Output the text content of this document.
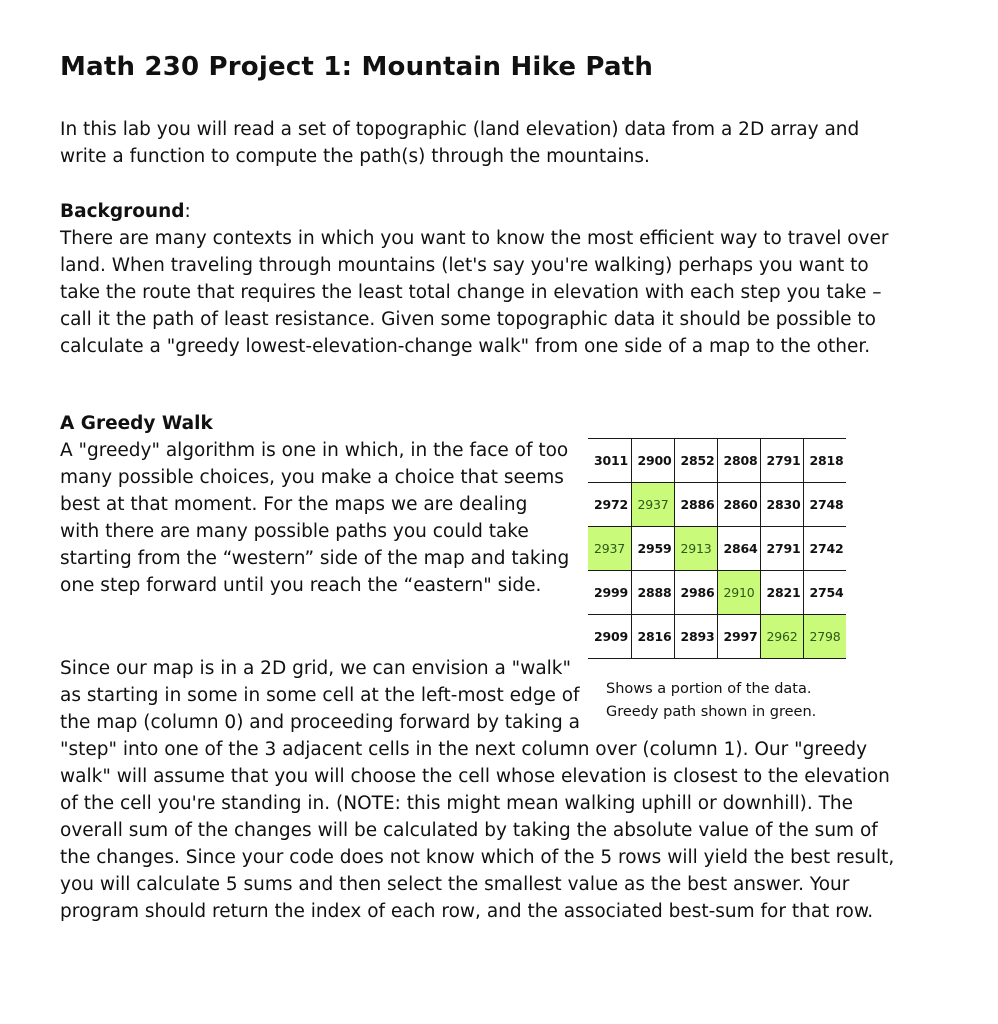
Math 230 Project 1: Mountain Hike Path

In this lab you will read a set of topographic (land elevation) data from a 2D array and write a function to compute the path(s) through the mountains.

Background:

There are many contexts in which you want to know the most efficient way to travel over land. When traveling through mountains (let's say you're walking) perhaps you want to take the route that requires the least total change in elevation with each step you take – call it the path of least resistance. Given some topographic data it should be possible to calculate a "greedy lowest-elevation-change walk" from one side of a map to the other.

A Greedy Walk

A "greedy" algorithm is one in which, in the face of too many possible choices, you make a choice that seems best at that moment. For the maps we are dealing with there are many possible paths you could take starting from the “western” side of the map and taking one step forward until you reach the “eastern" side.

Since our map is in a 2D grid, we can envision a "walk" as starting in some in some cell at the left-most edge of the map (column 0) and proceeding forward by taking a "step" into one of the 3 adjacent cells in the next column over (column 1). Our "greedy walk" will assume that you will choose the cell whose elevation is closest to the elevation of the cell you're standing in. (NOTE: this might mean walking uphill or downhill). The overall sum of the changes will be calculated by taking the absolute value of the sum of the changes. Since your code does not know which of the 5 rows will yield the best result, you will calculate 5 sums and then select the smallest value as the best answer. Your program should return the index of each row, and the associated best-sum for that row.
3011	2900	2852	2808	2791	2818
2972	2937	2886	2860	2830	2748
2937	2959	2913	2864	2791	2742
2999	2888	2986	2910	2821	2754
2909	2816	2893	2997	2962	2798

Shows a portion of the data.
Greedy path shown in green.
